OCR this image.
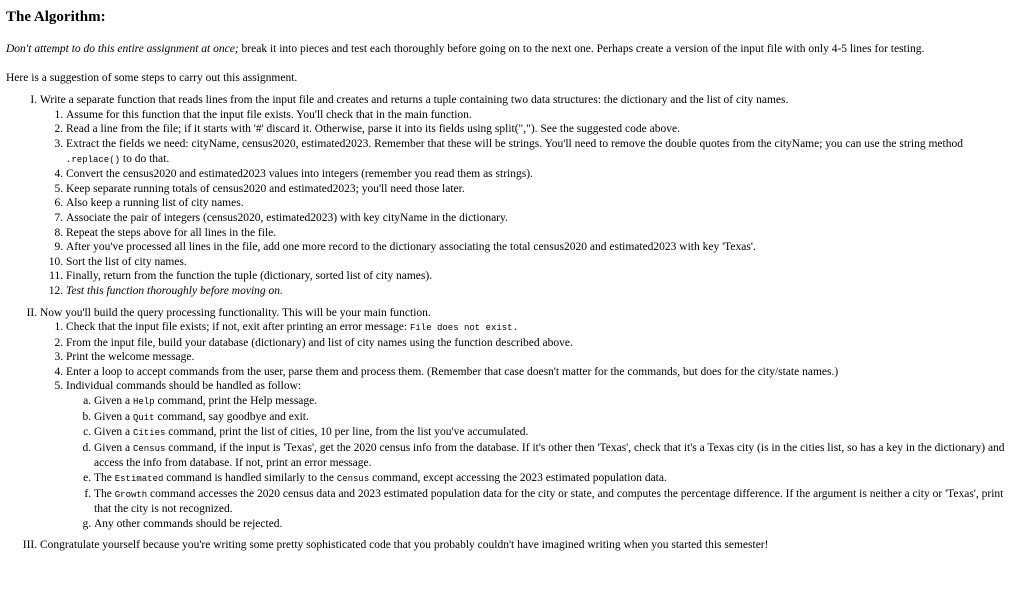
The Algorithm:

Don't attempt to do this entire assignment at once; break it into pieces and test each thoroughly before going on to the next one. Perhaps create a version of the input file with only 4-5 lines for testing.

Here is a suggestion of some steps to carry out this assignment.

I. Write a separate function that reads lines from the input file and creates and returns a tuple containing two data structures: the dictionary and the list of city names.
1. Assume for this function that the input file exists. You'll check that in the main function.
2. Read a line from the file; if it starts with '#' discard it. Otherwise, parse it into its fields using split(","). See the suggested code above.
3. Extract the fields we need: cityName, census2020, estimated2023. Remember that these will be strings. You'll need to remove the double quotes from the cityName; you can use the string method .replace() to do that.
4. Convert the census2020 and estimated2023 values into integers (remember you read them as strings).
5. Keep separate running totals of census2020 and estimated2023; you'll need those later.
6. Also keep a running list of city names.
7. Associate the pair of integers (census2020, estimated2023) with key cityName in the dictionary.
8. Repeat the steps above for all lines in the file.
9. After you've processed all lines in the file, add one more record to the dictionary associating the total census2020 and estimated2023 with key 'Texas'.
10. Sort the list of city names.
11. Finally, return from the function the tuple (dictionary, sorted list of city names).
12. Test this function thoroughly before moving on.
II. Now you'll build the query processing functionality. This will be your main function.
1. Check that the input file exists; if not, exit after printing an error message: File does not exist.
2. From the input file, build your database (dictionary) and list of city names using the function described above.
3. Print the welcome message.
4. Enter a loop to accept commands from the user, parse them and process them. (Remember that case doesn't matter for the commands, but does for the city/state names.)
5. Individual commands should be handled as follow:
a. Given a Help command, print the Help message.
b. Given a Quit command, say goodbye and exit.
c. Given a Cities command, print the list of cities, 10 per line, from the list you've accumulated.
d. Given a Census command, if the input is 'Texas', get the 2020 census info from the database. If it's other then 'Texas', check that it's a Texas city (is in the cities list, so has a key in the dictionary) and access the info from database. If not, print an error message.
e. The Estimated command is handled similarly to the Census command, except accessing the 2023 estimated population data.
f. The Growth command accesses the 2020 census data and 2023 estimated population data for the city or state, and computes the percentage difference. If the argument is neither a city or 'Texas', print that the city is not recognized.
g. Any other commands should be rejected.
III. Congratulate yourself because you're writing some pretty sophisticated code that you probably couldn't have imagined writing when you started this semester!
